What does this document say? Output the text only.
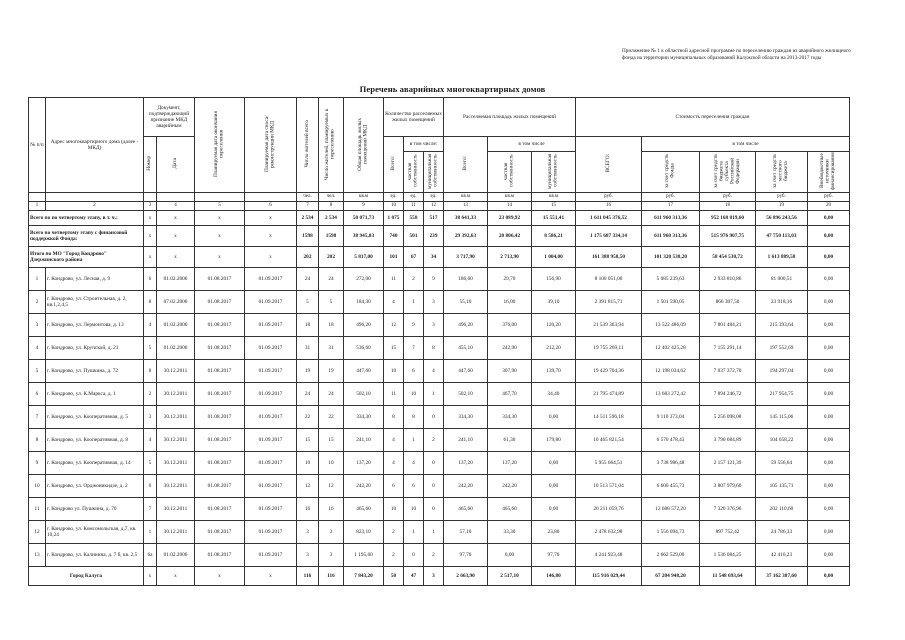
Приложение № 1 к областной адресной программе по переселению граждан из аварийного жилищного
фонда на территории муниципальных образований Калужской области на 2013-2017 годы
Перечень аварийных многоквартирных домов
№ п/п	Адрес многоквартирного дома (далее - МКД)	Документ, подтверждающий признание МКД аварийным		Планируемая дата окончания переселения	Планируемая дата сноса/реконструкции МКД	Число жителей всего	Число жителей, планируемых к переселению	Общая площадь жилых помещений МКД	Количество расселяемых жилых помещений			Расселяемая площадь жилых помещений			Стоимость переселения граждан				
		Номер	Дата						Всего:	в том числе:		Всего:	в том числе		ВСЕГО:	в том числе			
										частная собственность	муниципальная собственность		частная собственность	муниципальная собственность		за счет средств Фонда	за счет средств бюджета субъекта Российской Федерации	за счет средств местного бюджета	Внебюджетные источники финансирования
						чел.	чел.	кв.м	ед.	ед.	ед.	кв.м	кв.м	кв.м	руб.	руб.	руб.	руб.	руб.
1	2	3	4	5	6	7	8	9	10	11	12	13	14	15	16	17	18	19	20
Всего по по четвертому этапу, в т. ч.:		х	х	х	х	2 534	2 534	50 071,73	1 075	558	517	38 641,33	23 089,92	15 551,41	1 611 045 376,52	611 960 313,36	952 168 819,60	56 896 243,56	0,00
Всего по четвертому этапу с финансовой поддержкой Фонда:		х	х	х	х	1598	1598	38 945,03	740	501	239	29 392,63	20 806,42	8 586,21	1 175 687 334,14	611 960 313,36	515 976 907,75	47 750 113,03	0,00
Итого по МО "Город Кондрово" Дзержинского района		х	х	х	х	202	202	5 817,00	101	67	34	3 717,90	2 713,90	1 004,00	161 388 958,50	101 320 538,20	58 454 530,72	1 613 889,58	0,00
1	г. Кондрово, ул. Лесная, д. 9	6	01.02.2006	01.08.2017	01.09.2017	24	24	272,00	11	2	9	186,60	29,70	156,90	8 100 051,00	5 085 239,63	2 933 810,86	81 000,51	0,00
2	г. Кондрово, ул. Строительная, д. 2, кв.1,2,4,5	8	07.02.2006	01.08.2017	01.09.2017	5	5	184,30	4	1	3	55,10	16,00	39,10	2 391 815,71	1 501 590,05	866 307,50	23 918,16	0,00
3	г. Кондрово, ул. Лермонтова, д. 13	4	01.02.2006	01.08.2017	01.09.2017	18	18	496,20	12	9	3	496,20	376,00	120,20	21 539 363,94	13 522 486,09	7 801 484,21	215 393,64	0,00
4	г. Кондрово, ул. Крупской, д. 21	5	01.02.2006	01.08.2017	01.09.2017	31	31	536,60	15	7	8	455,10	242,90	212,20	19 755 269,11	12 402 425,28	7 155 291,14	197 552,69	0,00
5	г. Кондрово, ул. Пушкина, д. 72	8	30.12.2011	01.08.2017	01.09.2017	19	19	447,60	10	6	4	447,60	307,90	139,70	19 429 704,36	12 198 034,62	7 037 372,70	194 297,04	0,00
6	г. Кондрово, ул. К.Маркса, д. 1	2	30.12.2011	01.08.2017	01.09.2017	24	24	502,10	11	10	1	502,10	467,70	34,40	21 795 474,89	13 683 272,42	7 894 246,72	217 954,75	0,00
7	г. Кондрово, ул. Кооперативная, д. 5	3	30.12.2011	01.08.2017	01.09.2017	22	22	334,30	8	8	0	334,30	334,30	0,00	14 511 596,18	9 110 373,04	5 256 098,08	145 115,06	0,00
8	г. Кондрово, ул. Кооперативная, д. 8	4	30.12.2011	01.08.2017	01.09.2017	15	15	241,10	4	1	2	241,10	61,30	179,80	10 465 821,54	6 570 478,43	3 790 684,89	104 658,22	0,00
9	г. Кондрово, ул. Кооперативная, д. 14	5	30.12.2011	01.08.2017	01.09.2017	10	10	137,20	4	4	0	137,20	137,20	0,00	5 955 664,51	3 738 986,48	2 157 121,39	59 556,64	0,00
10	г. Кондрово, ул. Орджоникидзе, д. 2	6	30.12.2011	01.08.2017	01.09.2017	12	12	242,20	6	6	0	242,20	242,20	0,00	10 513 571,04	6 600 455,73	3 807 979,60	105 135,71	0,00
11	г. Кондрово ул. Пушкина, д. 70	7	30.12.2011	01.08.2017	01.09.2017	16	16	465,60	10	10	0	465,60	465,60	0,00	20 211 059,76	12 688 572,20	7 320 376,96	202 110,60	0,00
12	г. Кондрово, ул. Комсомольская, д.7, кв. 10,24	1	30.12.2011	01.08.2017	01.09.2017	3	3	823,10	2	1	1	57,10	33,30	23,80	2 478 632,98	1 556 094,73	897 752,42	24 786,33	0,00
13	г. Кондрово, ул. Калинина, д. 7 б, кв. 2,5	6а	01.02.2006	01.08.2017	01.09.2017	3	3	1 195,60	2	0	2	97,70	0,00	97,70	4 241 923,48	2 662 529,00	1 536 084,25	42 410,23	0,00
Город Калуга		х	х	х	х	116	116	7 843,20	50	47	3	2 663,90	2 517,10	146,80	115 916 029,44	67 204 948,20	11 548 693,64	37 162 387,60	0,00
